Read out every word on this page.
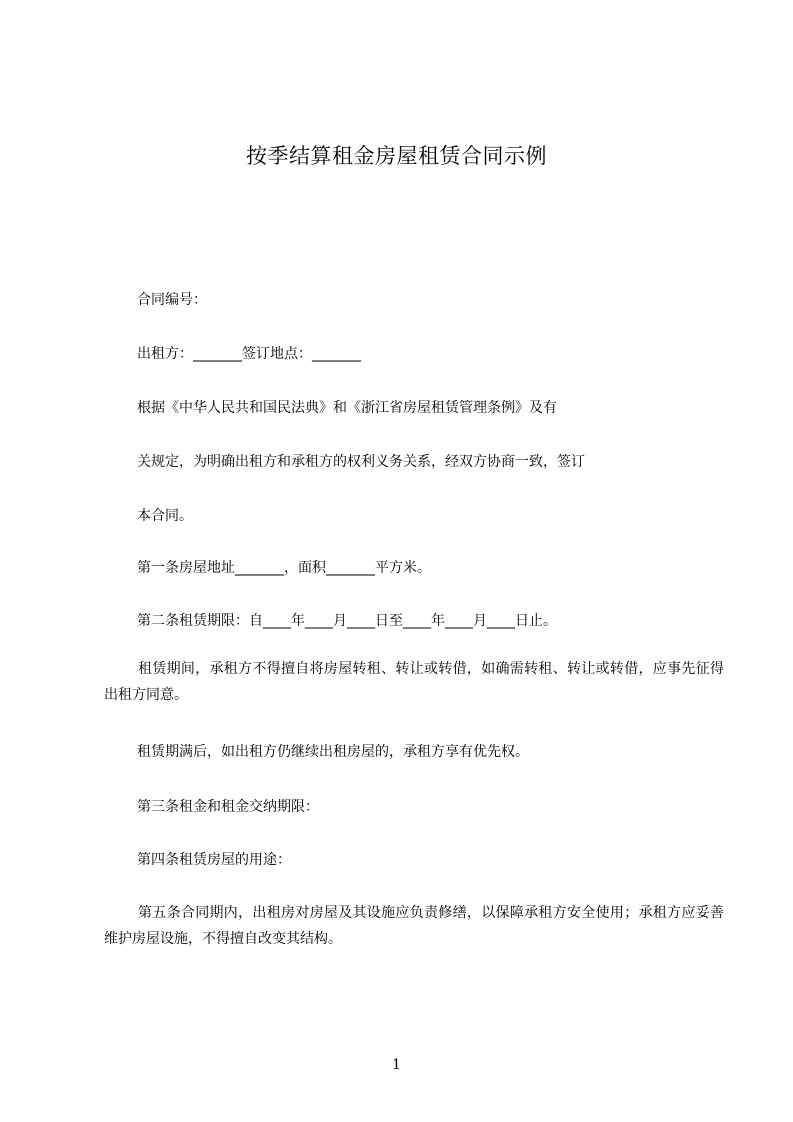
按季结算租金房屋租赁合同示例
合同编号：
出租方：_______签订地点：_______
根据《中华人民共和国民法典》和《浙江省房屋租赁管理条例》及有
关规定，为明确出租方和承租方的权利义务关系，经双方协商一致，签订
本合同。
第一条房屋地址_______，面积_______平方米。
第二条租赁期限：自____年____月____日至____年____月____日止。
租赁期间，承租方不得擅自将房屋转租、转让或转借，如确需转租、转让或转借，应事先征得出租方同意。
租赁期满后，如出租方仍继续出租房屋的，承租方享有优先权。
第三条租金和租金交纳期限：
第四条租赁房屋的用途：
第五条合同期内，出租房对房屋及其设施应负责修缮，以保障承租方安全使用；承租方应妥善维护房屋设施，不得擅自改变其结构。
1
